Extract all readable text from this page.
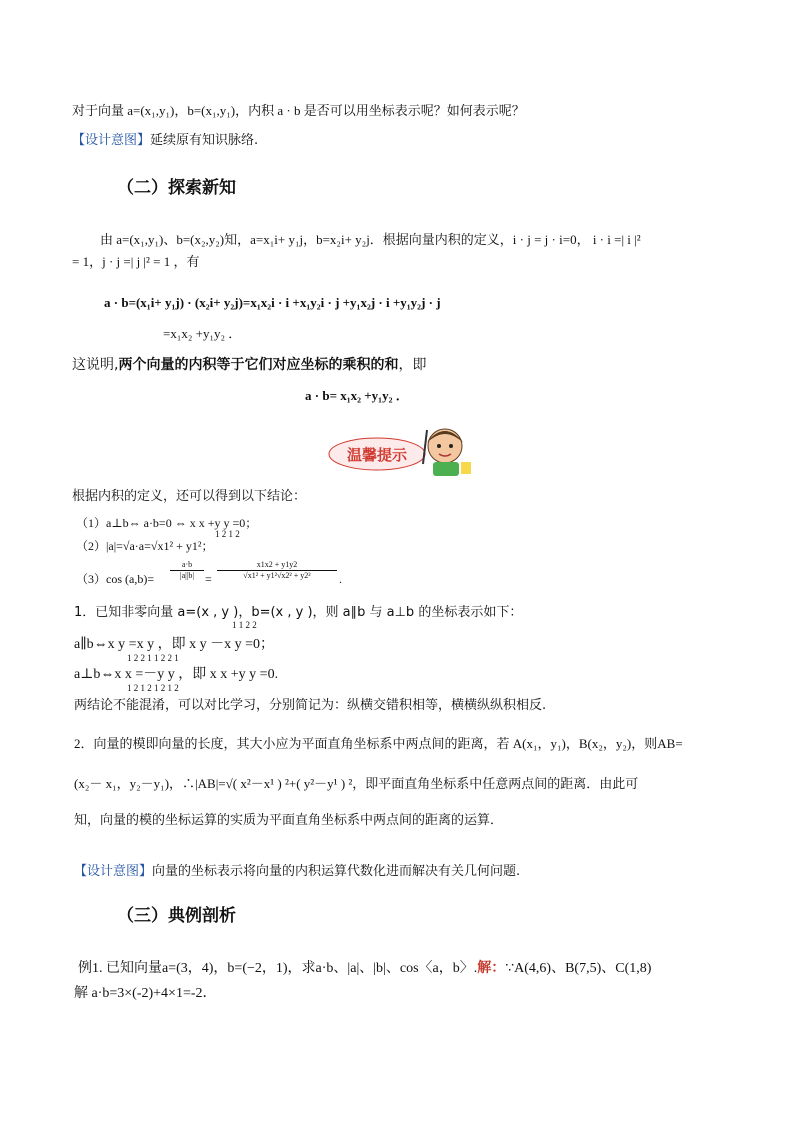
对于向量 a=(x₁,y₁)，b=(x₁,y₁)，内积 a · b 是否可以用坐标表示呢？如何表示呢？
【设计意图】延续原有知识脉络.
（二）探索新知
由 a=(x₁,y₁)、b=(x₂,y₂)知，a=x₁i+ y₁j，b=x₂i+ y₂j．根据向量内积的定义，i · j = j · i=0， i · i =| i |²
= 1，j · j =| j |² = 1 ，有
a · b=(x₁i+ y₁j) · (x₂i+ y₂j)=x₁x₂i · i +x₁y₂i · j +y₁x₂j · i +y₁y₂j · j
=x₁x₂ +y₁y₂ ．
这说明,两个向量的内积等于它们对应坐标的乘积的和，即
a · b= x₁x₂ +y₁y₂ ．
温馨提示
根据内积的定义，还可以得到以下结论：
（1）a⊥b⇔ a·b=0 ⇔ x x +y y =0；
1 2 1 2
（2）|a|=√a·a=√x1² + y1²；
（3）cos $(a,b)= \frac{a\cdot b}{|a||b|} = \frac{x1x2 + y1y2}{\text{√x1² + y1²√x2² + y2²}}$ .
1．已知非零向量 a=(x , y )，b=(x , y )，则 a∥b 与 a⊥b 的坐标表示如下：
1 1 2 2
a∥b⇔x y =x y ，即 x y －x y =0；
1 2 2 1 1 2 2 1
a⊥b⇔x x =－y y ，即 x x +y y =0.
1 2 1 2 1 2 1 2
两结论不能混淆，可以对比学习，分别简记为：纵横交错积相等，横横纵纵积相反.
2．向量的模即向量的长度，其大小应为平面直角坐标系中两点间的距离，若 A(x₁，y₁)，B(x₂，y₂)，则AB=
(x₂－ x₁，y₂－y₁)，∴|AB|=√( x²－x¹ ) ²+( y²－y¹ ) ²，即平面直角坐标系中任意两点间的距离．由此可
知，向量的模的坐标运算的实质为平面直角坐标系中两点间的距离的运算．
【设计意图】向量的坐标表示将向量的内积运算代数化进而解决有关几何问题.
（三）典例剖析
例1. 已知向量a=(3，4)，b=(−2，1)，求a·b、|a|、|b|、cos〈a，b〉.解：∵A(4,6)、B(7,5)、C(1,8)
解 a·b=3×(-2)+4×1=-2．
